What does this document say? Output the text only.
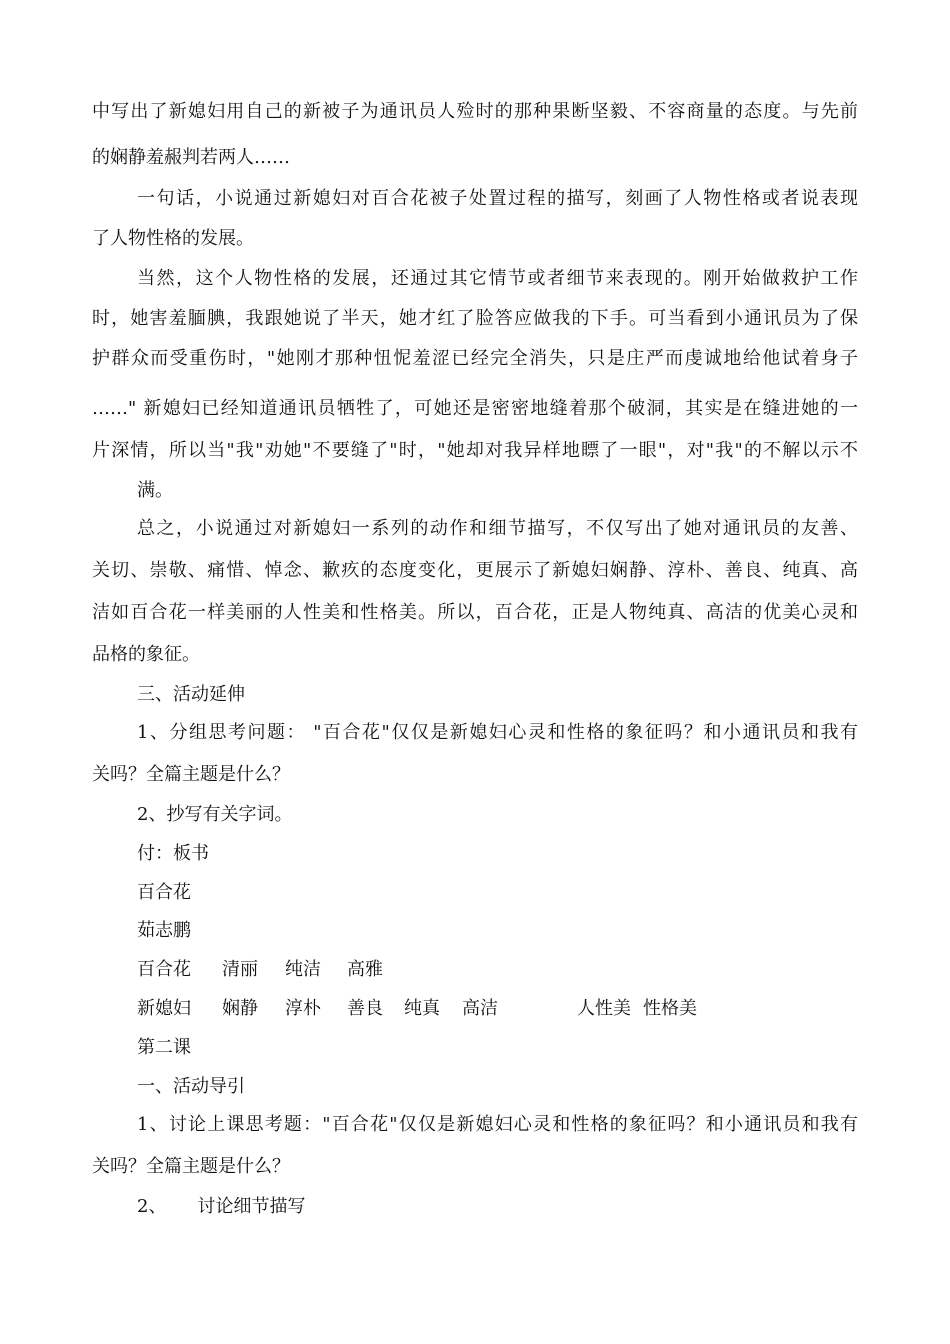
中写出了新媳妇用自己的新被子为通讯员人殓时的那种果断坚毅、不容商量的态度。与先前
的娴静羞赧判若两人……
一句话，小说通过新媳妇对百合花被子处置过程的描写，刻画了人物性格或者说表现
了人物性格的发展。
当然，这个人物性格的发展，还通过其它情节或者细节来表现的。刚开始做救护工作
时，她害羞腼腆，我跟她说了半天，她才红了脸答应做我的下手。可当看到小通讯员为了保
护群众而受重伤时，"她刚才那种忸怩羞涩已经完全消失，只是庄严而虔诚地给他试着身子
……" 新媳妇已经知道通讯员牺牲了，可她还是密密地缝着那个破洞，其实是在缝进她的一
片深情，所以当"我"劝她"不要缝了"时，"她却对我异样地瞟了一眼"，对"我"的不解以示不
满。
总之，小说通过对新媳妇一系列的动作和细节描写，不仅写出了她对通讯员的友善、
关切、崇敬、痛惜、悼念、歉疚的态度变化，更展示了新媳妇娴静、淳朴、善良、纯真、高
洁如百合花一样美丽的人性美和性格美。所以，百合花，正是人物纯真、高洁的优美心灵和
品格的象征。
三、活动延伸
1、分组思考问题： "百合花"仅仅是新媳妇心灵和性格的象征吗？和小通讯员和我有
关吗？全篇主题是什么？
2、抄写有关字词。
付：板书
百合花
茹志鹏
百合花 清丽 纯洁 高雅
新媳妇 娴静 淳朴 善良 纯真 高洁	人性美 性格美
第二课
一、活动导引
1、讨论上课思考题："百合花"仅仅是新媳妇心灵和性格的象征吗？和小通讯员和我有
关吗？全篇主题是什么？
2、 讨论细节描写
